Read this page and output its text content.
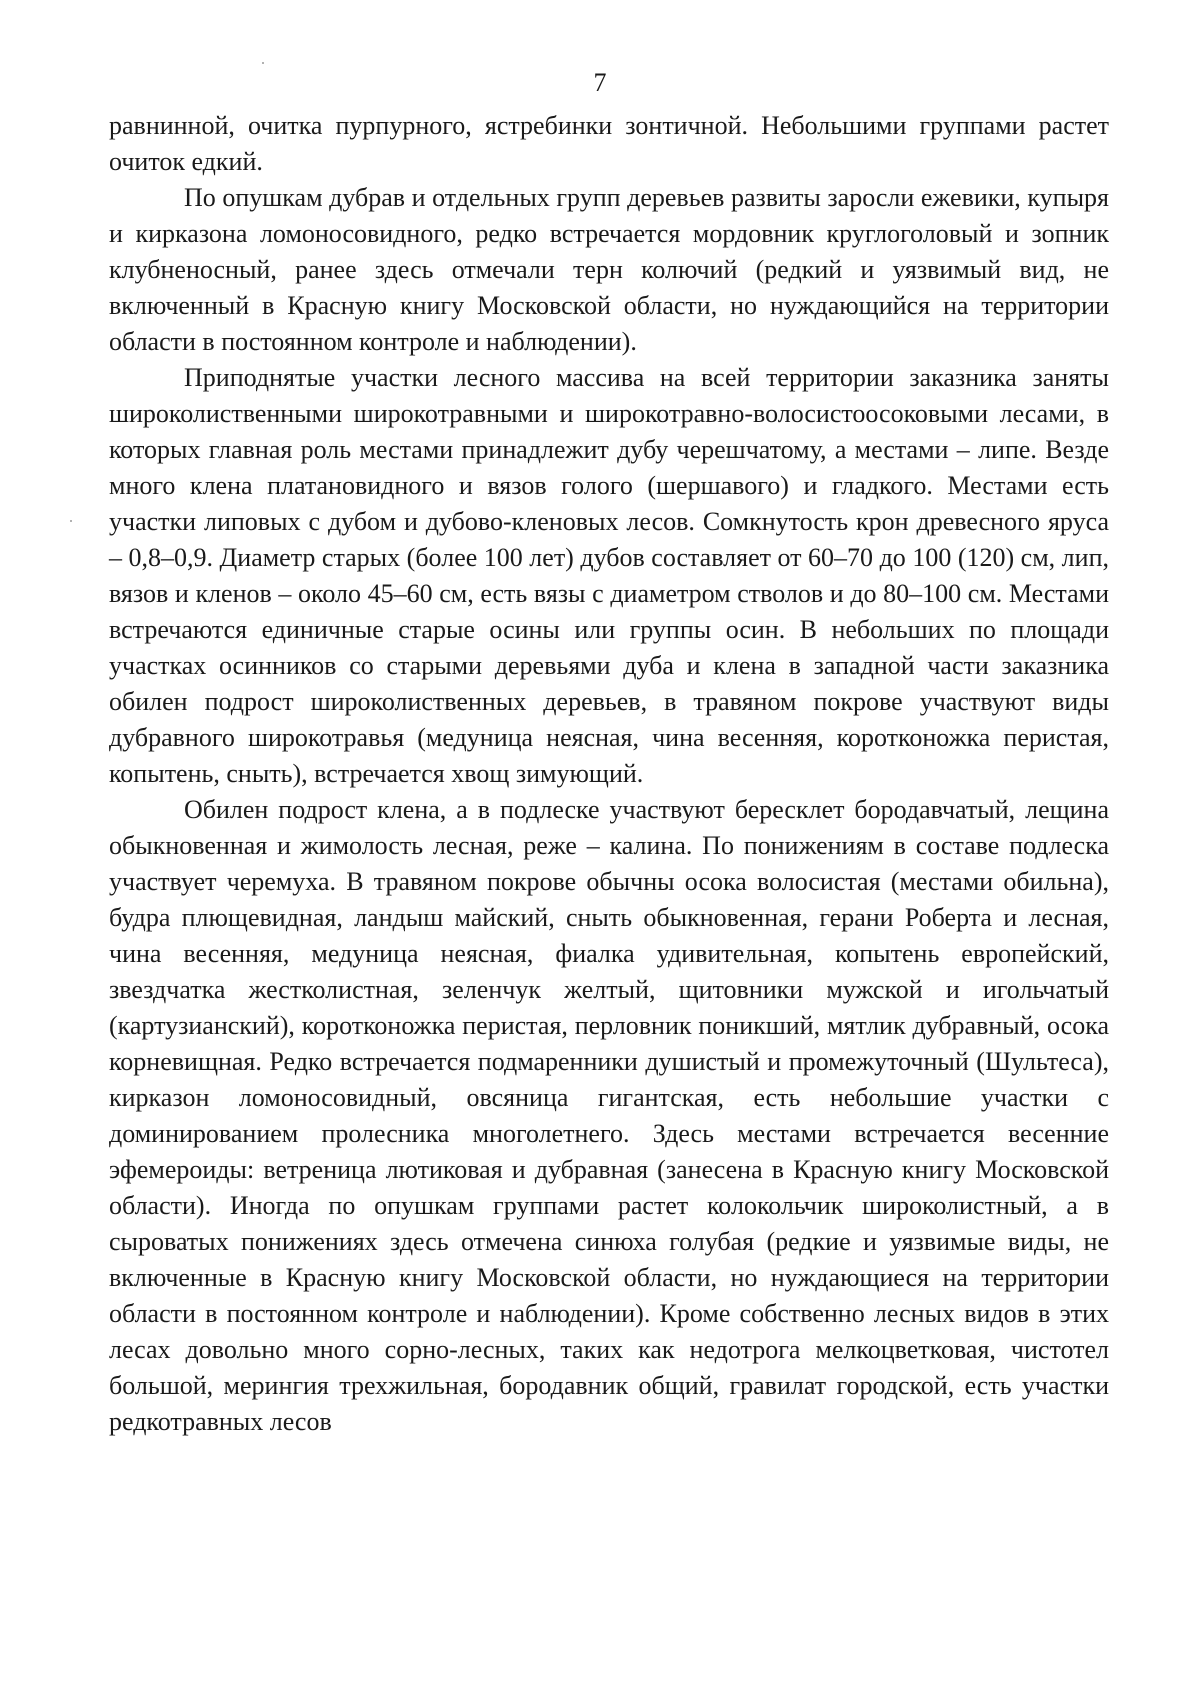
7

равнинной, очитка пурпурного, ястребинки зонтичной. Небольшими группами растет очиток едкий.

По опушкам дубрав и отдельных групп деревьев развиты заросли ежевики, купыря и кирказона ломоносовидного, редко встречается мордовник круглоголовый и зопник клубненосный, ранее здесь отмечали терн колючий (редкий и уязвимый вид, не включенный в Красную книгу Московской области, но нуждающийся на территории области в постоянном контроле и наблюдении).

Приподнятые участки лесного массива на всей территории заказника заняты широколиственными широкотравными и широкотравно-волосистоосоковыми лесами, в которых главная роль местами принадлежит дубу черешчатому, а местами – липе. Везде много клена платановидного и вязов голого (шершавого) и гладкого. Местами есть участки липовых с дубом и дубово-кленовых лесов. Сомкнутость крон древесного яруса – 0,8–0,9. Диаметр старых (более 100 лет) дубов составляет от 60–70 до 100 (120) см, лип, вязов и кленов – около 45–60 см, есть вязы с диаметром стволов и до 80–100 см. Местами встречаются единичные старые осины или группы осин. В небольших по площади участках осинников со старыми деревьями дуба и клена в западной части заказника обилен подрост широколиственных деревьев, в травяном покрове участвуют виды дубравного широкотравья (медуница неясная, чина весенняя, коротконожка перистая, копытень, сныть), встречается хвощ зимующий.

Обилен подрост клена, а в подлеске участвуют бересклет бородавчатый, лещина обыкновенная и жимолость лесная, реже – калина. По понижениям в составе подлеска участвует черемуха. В травяном покрове обычны осока волосистая (местами обильна), будра плющевидная, ландыш майский, сныть обыкновенная, герани Роберта и лесная, чина весенняя, медуница неясная, фиалка удивительная, копытень европейский, звездчатка жестколистная, зеленчук желтый, щитовники мужской и игольчатый (картузианский), коротконожка перистая, перловник поникший, мятлик дубравный, осока корневищная. Редко встречается подмаренники душистый и промежуточный (Шультеса), кирказон ломоносовидный, овсяница гигантская, есть небольшие участки с доминированием пролесника многолетнего. Здесь местами встречается весенние эфемероиды: ветреница лютиковая и дубравная (занесена в Красную книгу Московской области). Иногда по опушкам группами растет колокольчик широколистный, а в сыроватых понижениях здесь отмечена синюха голубая (редкие и уязвимые виды, не включенные в Красную книгу Московской области, но нуждающиеся на территории области в постоянном контроле и наблюдении). Кроме собственно лесных видов в этих лесах довольно много сорно-лесных, таких как недотрога мелкоцветковая, чистотел большой, мерингия трехжильная, бородавник общий, гравилат городской, есть участки редкотравных лесов
